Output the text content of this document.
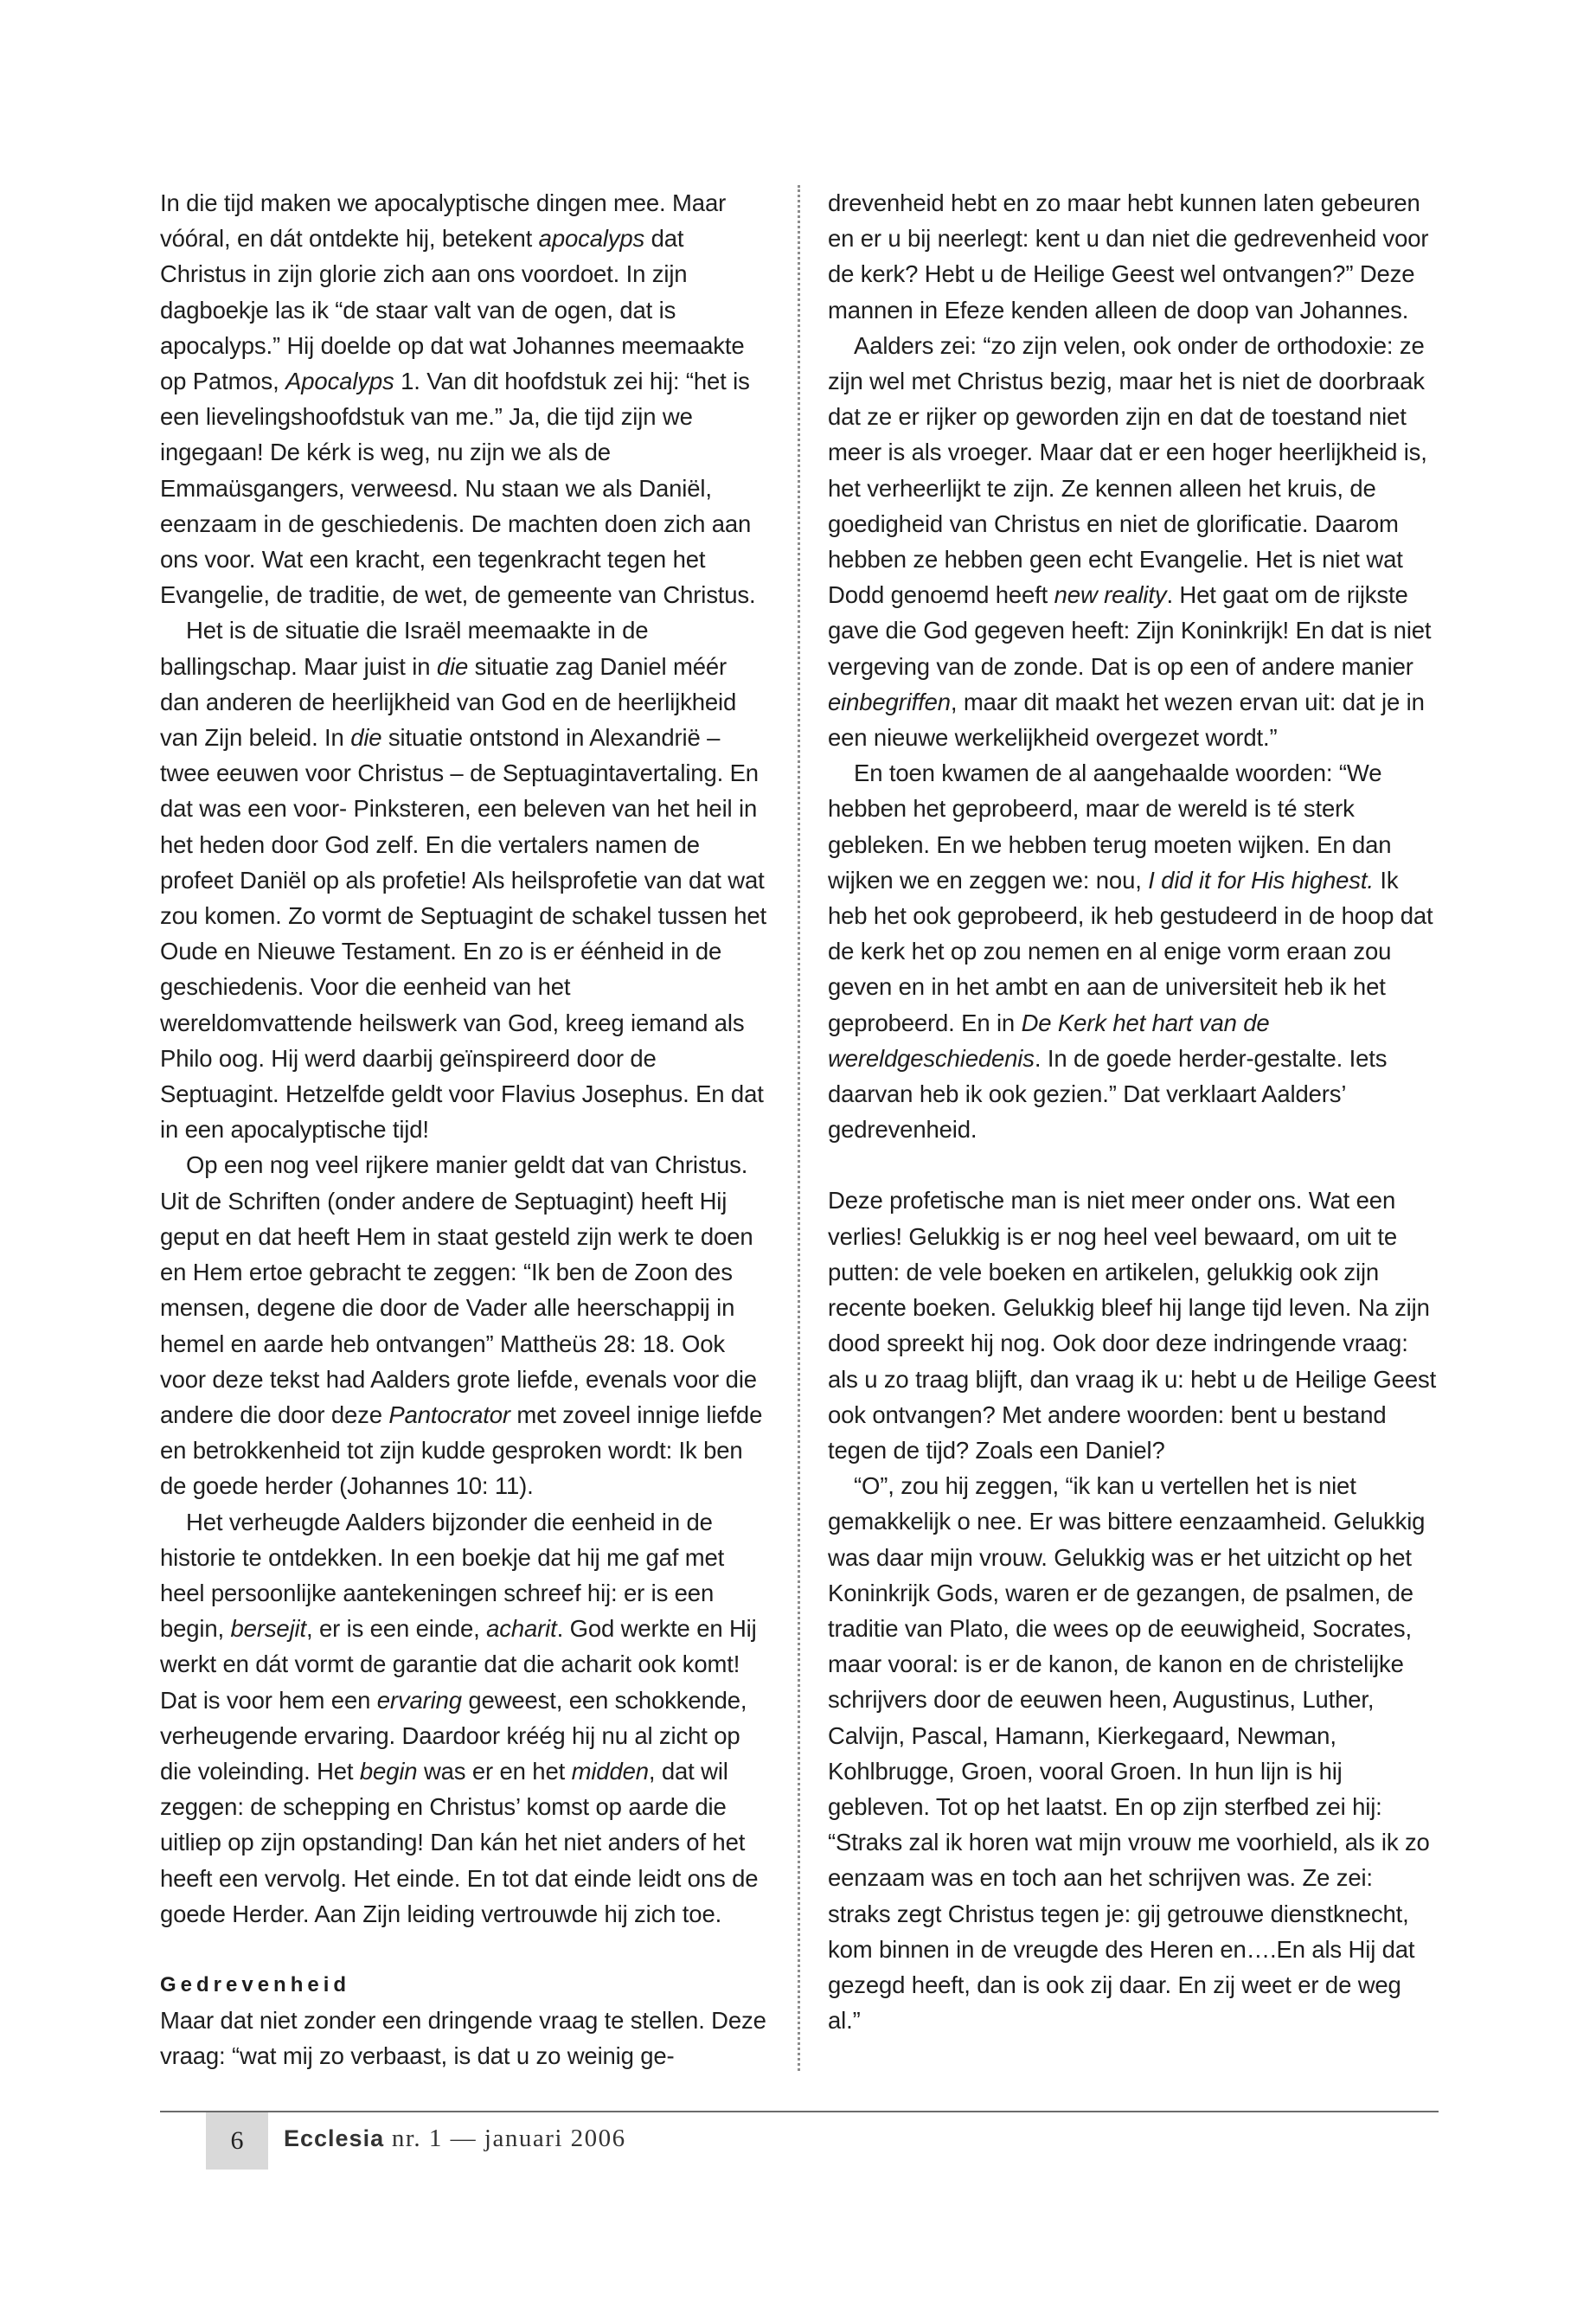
In die tijd maken we apocalyptische dingen mee. Maar vóóral, en dát ontdekte hij, betekent apocalyps dat Christus in zijn glorie zich aan ons voordoet. In zijn dagboekje las ik “de staar valt van de ogen, dat is apocalyps.” Hij doelde op dat wat Johannes meemaakte op Patmos, Apocalyps 1. Van dit hoofdstuk zei hij: “het is een lievelingshoofdstuk van me.” Ja, die tijd zijn we ingegaan! De kérk is weg, nu zijn we als de Emmaüsgangers, verweesd. Nu staan we als Daniël, eenzaam in de geschiedenis. De machten doen zich aan ons voor. Wat een kracht, een tegenkracht tegen het Evangelie, de traditie, de wet, de gemeente van Christus.

Het is de situatie die Israël meemaakte in de ballingschap. Maar juist in die situatie zag Daniel méér dan anderen de heerlijkheid van God en de heerlijkheid van Zijn beleid. In die situatie ontstond in Alexandrië – twee eeuwen voor Christus – de Septuagintavertaling. En dat was een voor- Pinksteren, een beleven van het heil in het heden door God zelf. En die vertalers namen de profeet Daniël op als profetie! Als heilsprofetie van dat wat zou komen. Zo vormt de Septuagint de schakel tussen het Oude en Nieuwe Testament. En zo is er éénheid in de geschiedenis. Voor die eenheid van het wereldomvattende heilswerk van God, kreeg iemand als Philo oog. Hij werd daarbij geïnspireerd door de Septuagint. Hetzelfde geldt voor Flavius Josephus. En dat in een apocalyptische tijd!

Op een nog veel rijkere manier geldt dat van Christus. Uit de Schriften (onder andere de Septuagint) heeft Hij geput en dat heeft Hem in staat gesteld zijn werk te doen en Hem ertoe gebracht te zeggen: “Ik ben de Zoon des mensen, degene die door de Vader alle heerschappij in hemel en aarde heb ontvangen” Mattheüs 28: 18. Ook voor deze tekst had Aalders grote liefde, evenals voor die andere die door deze Pantocrator met zoveel innige liefde en betrokkenheid tot zijn kudde gesproken wordt: Ik ben de goede herder (Johannes 10: 11).

Het verheugde Aalders bijzonder die eenheid in de historie te ontdekken. In een boekje dat hij me gaf met heel persoonlijke aantekeningen schreef hij: er is een begin, bersejit, er is een einde, acharit. God werkte en Hij werkt en dát vormt de garantie dat die acharit ook komt! Dat is voor hem een ervaring geweest, een schokkende, verheugende ervaring. Daardoor kréég hij nu al zicht op die voleinding. Het begin was er en het midden, dat wil zeggen: de schepping en Christus’ komst op aarde die uitliep op zijn opstanding! Dan kán het niet anders of het heeft een vervolg. Het einde. En tot dat einde leidt ons de goede Herder. Aan Zijn leiding vertrouwde hij zich toe.

Gedrevenheid

Maar dat niet zonder een dringende vraag te stellen. Deze vraag: “wat mij zo verbaast, is dat u zo weinig ge-

drevenheid hebt en zo maar hebt kunnen laten gebeuren en er u bij neerlegt: kent u dan niet die gedrevenheid voor de kerk? Hebt u de Heilige Geest wel ontvangen?” Deze mannen in Efeze kenden alleen de doop van Johannes.

Aalders zei: “zo zijn velen, ook onder de orthodoxie: ze zijn wel met Christus bezig, maar het is niet de doorbraak dat ze er rijker op geworden zijn en dat de toestand niet meer is als vroeger. Maar dat er een hoger heerlijkheid is, het verheerlijkt te zijn. Ze kennen alleen het kruis, de goedigheid van Christus en niet de glorificatie. Daarom hebben ze hebben geen echt Evangelie. Het is niet wat Dodd genoemd heeft new reality. Het gaat om de rijkste gave die God gegeven heeft: Zijn Koninkrijk! En dat is niet vergeving van de zonde. Dat is op een of andere manier einbegriffen, maar dit maakt het wezen ervan uit: dat je in een nieuwe werkelijkheid overgezet wordt.”

En toen kwamen de al aangehaalde woorden: “We hebben het geprobeerd, maar de wereld is té sterk gebleken. En we hebben terug moeten wijken. En dan wijken we en zeggen we: nou, I did it for His highest. Ik heb het ook geprobeerd, ik heb gestudeerd in de hoop dat de kerk het op zou nemen en al enige vorm eraan zou geven en in het ambt en aan de universiteit heb ik het geprobeerd. En in De Kerk het hart van de wereldgeschiedenis. In de goede herder-gestalte. Iets daarvan heb ik ook gezien.” Dat verklaart Aalders’ gedrevenheid.

Deze profetische man is niet meer onder ons. Wat een verlies! Gelukkig is er nog heel veel bewaard, om uit te putten: de vele boeken en artikelen, gelukkig ook zijn recente boeken. Gelukkig bleef hij lange tijd leven. Na zijn dood spreekt hij nog. Ook door deze indringende vraag: als u zo traag blijft, dan vraag ik u: hebt u de Heilige Geest ook ontvangen? Met andere woorden: bent u bestand tegen de tijd? Zoals een Daniel?

“O”, zou hij zeggen, “ik kan u vertellen het is niet gemakkelijk o nee. Er was bittere eenzaamheid. Gelukkig was daar mijn vrouw. Gelukkig was er het uitzicht op het Koninkrijk Gods, waren er de gezangen, de psalmen, de traditie van Plato, die wees op de eeuwigheid, Socrates, maar vooral: is er de kanon, de kanon en de christelijke schrijvers door de eeuwen heen, Augustinus, Luther, Calvijn, Pascal, Hamann, Kierkegaard, Newman, Kohlbrugge, Groen, vooral Groen. In hun lijn is hij gebleven. Tot op het laatst. En op zijn sterfbed zei hij: “Straks zal ik horen wat mijn vrouw me voorhield, als ik zo eenzaam was en toch aan het schrijven was. Ze zei: straks zegt Christus tegen je: gij getrouwe dienstknecht, kom binnen in de vreugde des Heren en….En als Hij dat gezegd heeft, dan is ook zij daar. En zij weet er de weg al.”

6	Ecclesia nr. 1 — januari 2006
